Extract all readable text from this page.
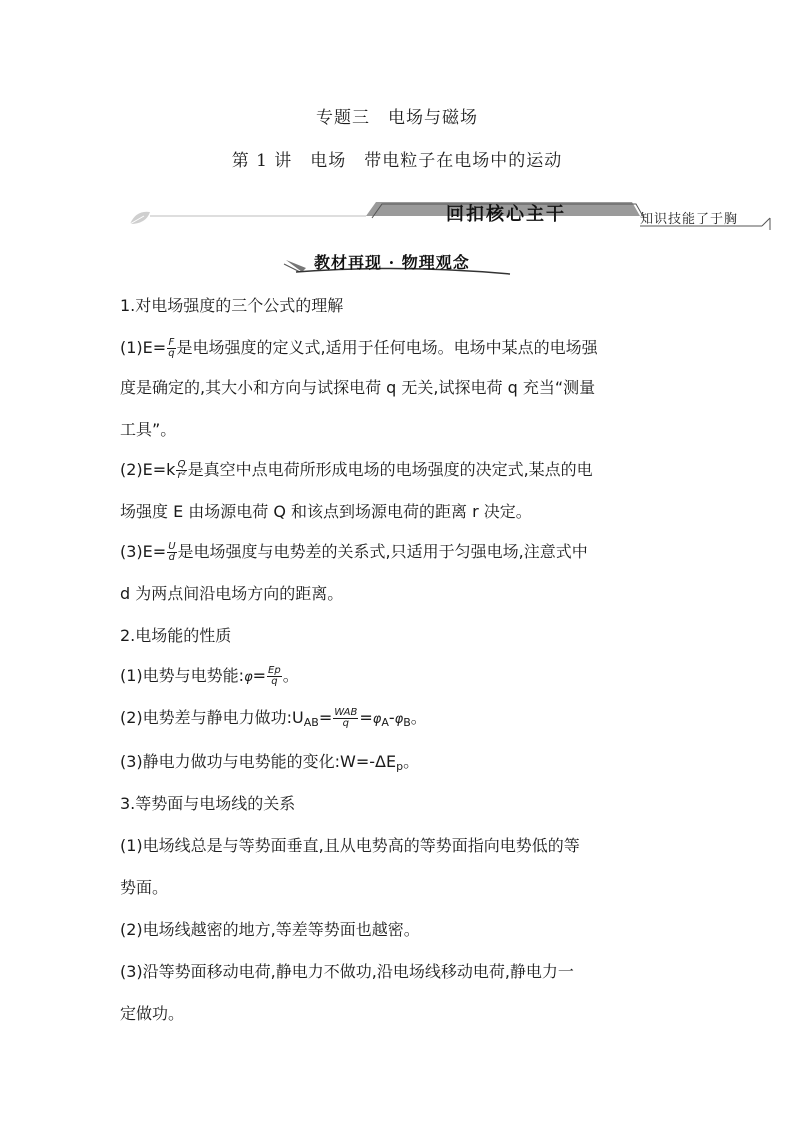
专题三　电场与磁场
第 1 讲　电场　带电粒子在电场中的运动
回扣核心主干	知识技能了于胸
教材再现 · 物理观念
1.对电场强度的三个公式的理解
$(1)E= \frac{F}{q}$ 是电场强度的定义式,适用于任何电场。电场中某点的电场强
度是确定的,其大小和方向与试探电荷 q 无关,试探电荷 q 充当“测量
工具”。
$(2)E=k \frac{Q}{\text{r²}}$ 是真空中点电荷所形成电场的电场强度的决定式,某点的电
场强度 E 由场源电荷 Q 和该点到场源电荷的距离 r 决定。
$(3)E= \frac{U}{d}$ 是电场强度与电势差的关系式,只适用于匀强电场,注意式中
d 为两点间沿电场方向的距离。
2.电场能的性质
(1)电势与电势能:φ= $\frac{Ep}{q}$ 。
(2)电势差与静电力做功:UAB= $\frac{\text{WAB}}{q} =\varphi A-\varphi B$。
(3)静电力做功与电势能的变化:W=-ΔEp。
3.等势面与电场线的关系
(1)电场线总是与等势面垂直,且从电势高的等势面指向电势低的等
势面。
(2)电场线越密的地方,等差等势面也越密。
(3)沿等势面移动电荷,静电力不做功,沿电场线移动电荷,静电力一
定做功。
